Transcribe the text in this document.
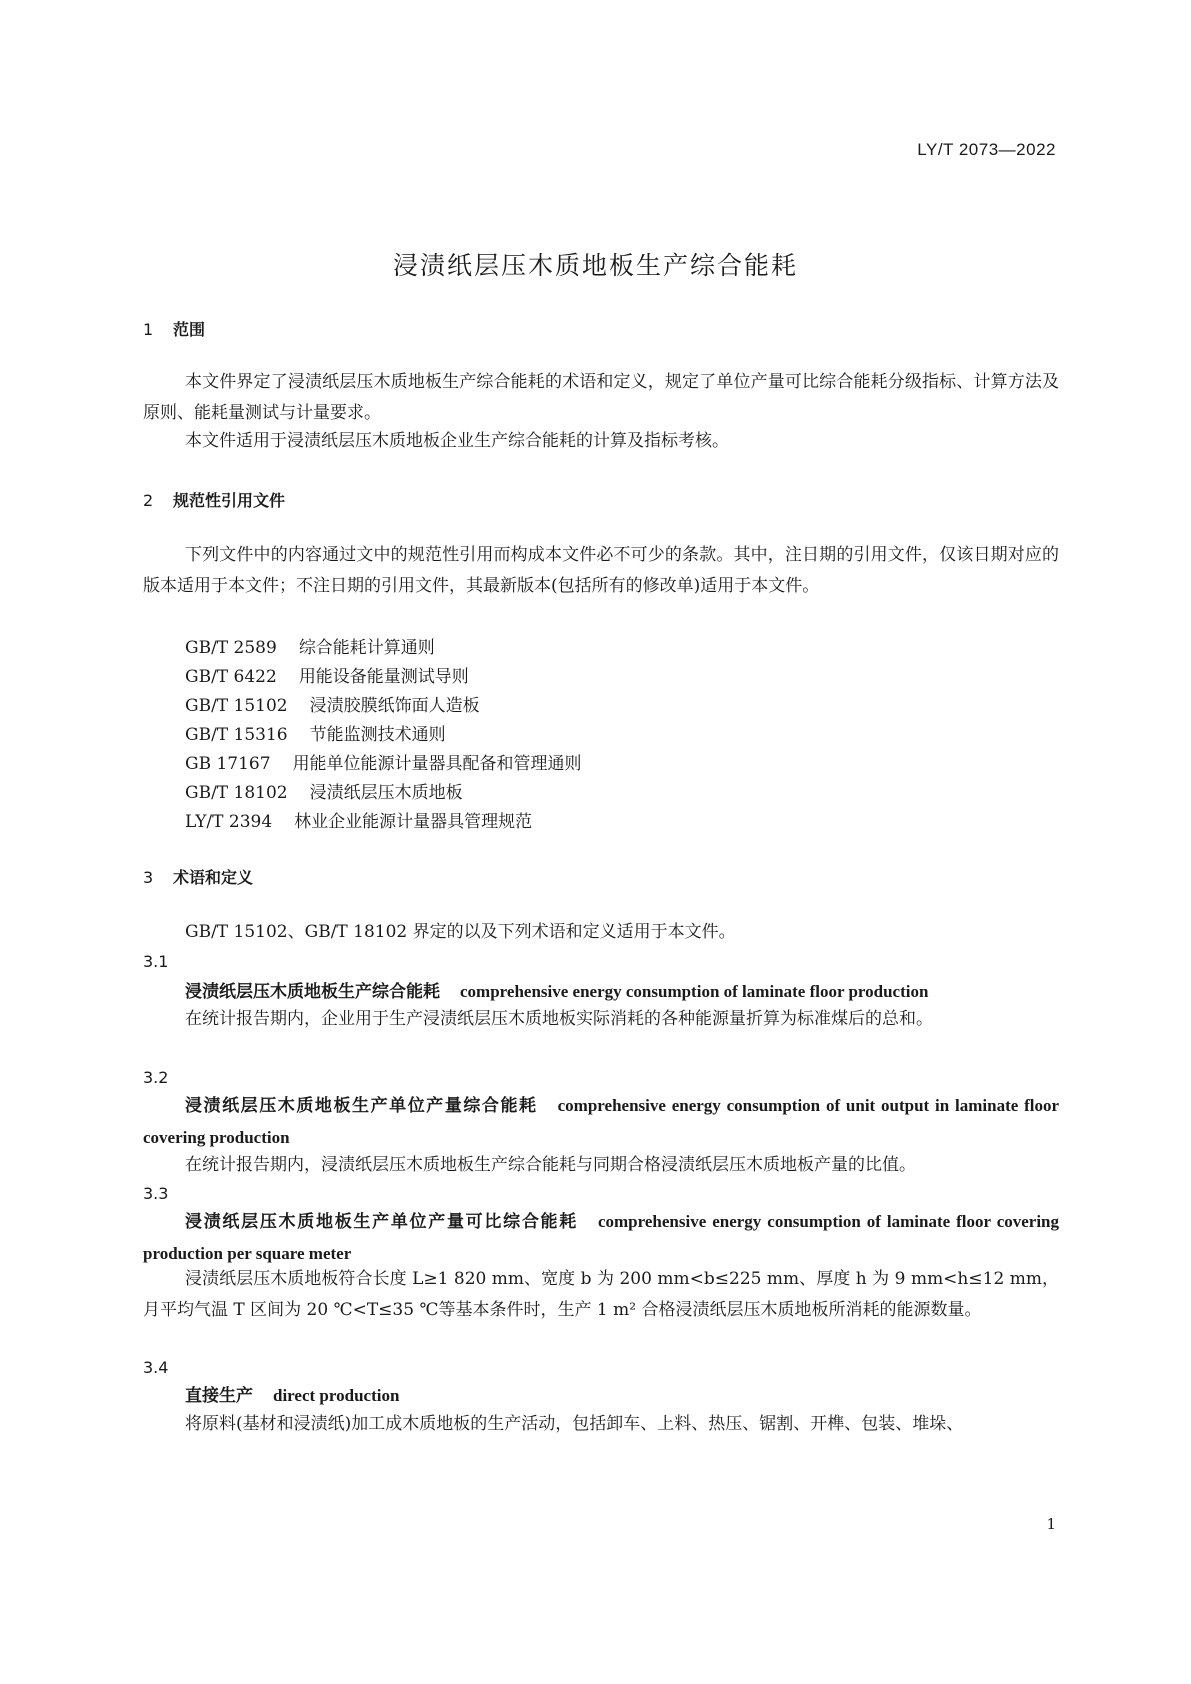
LY/T 2073—2022
浸渍纸层压木质地板生产综合能耗
1 范围

本文件界定了浸渍纸层压木质地板生产综合能耗的术语和定义，规定了单位产量可比综合能耗分级指标、计算方法及原则、能耗量测试与计量要求。

本文件适用于浸渍纸层压木质地板企业生产综合能耗的计算及指标考核。

2 规范性引用文件

下列文件中的内容通过文中的规范性引用而构成本文件必不可少的条款。其中，注日期的引用文件，仅该日期对应的版本适用于本文件；不注日期的引用文件，其最新版本(包括所有的修改单)适用于本文件。

GB/T 2589 综合能耗计算通则
GB/T 6422 用能设备能量测试导则
GB/T 15102 浸渍胶膜纸饰面人造板
GB/T 15316 节能监测技术通则
GB 17167 用能单位能源计量器具配备和管理通则
GB/T 18102 浸渍纸层压木质地板
LY/T 2394 林业企业能源计量器具管理规范
3 术语和定义

GB/T 15102、GB/T 18102 界定的以及下列术语和定义适用于本文件。

3.1

浸渍纸层压木质地板生产综合能耗 comprehensive energy consumption of laminate floor production

在统计报告期内，企业用于生产浸渍纸层压木质地板实际消耗的各种能源量折算为标准煤后的总和。

3.2

浸渍纸层压木质地板生产单位产量综合能耗 comprehensive energy consumption of unit output in laminate floor covering production

在统计报告期内，浸渍纸层压木质地板生产综合能耗与同期合格浸渍纸层压木质地板产量的比值。

3.3

浸渍纸层压木质地板生产单位产量可比综合能耗 comprehensive energy consumption of laminate floor covering production per square meter

浸渍纸层压木质地板符合长度 L≥1 820 mm、宽度 b 为 200 mm<b≤225 mm、厚度 h 为 9 mm<h≤12 mm，月平均气温 T 区间为 20 ℃<T≤35 ℃等基本条件时，生产 1 m² 合格浸渍纸层压木质地板所消耗的能源数量。

3.4

直接生产 direct production

将原料(基材和浸渍纸)加工成木质地板的生产活动，包括卸车、上料、热压、锯割、开榫、包装、堆垛、

1
